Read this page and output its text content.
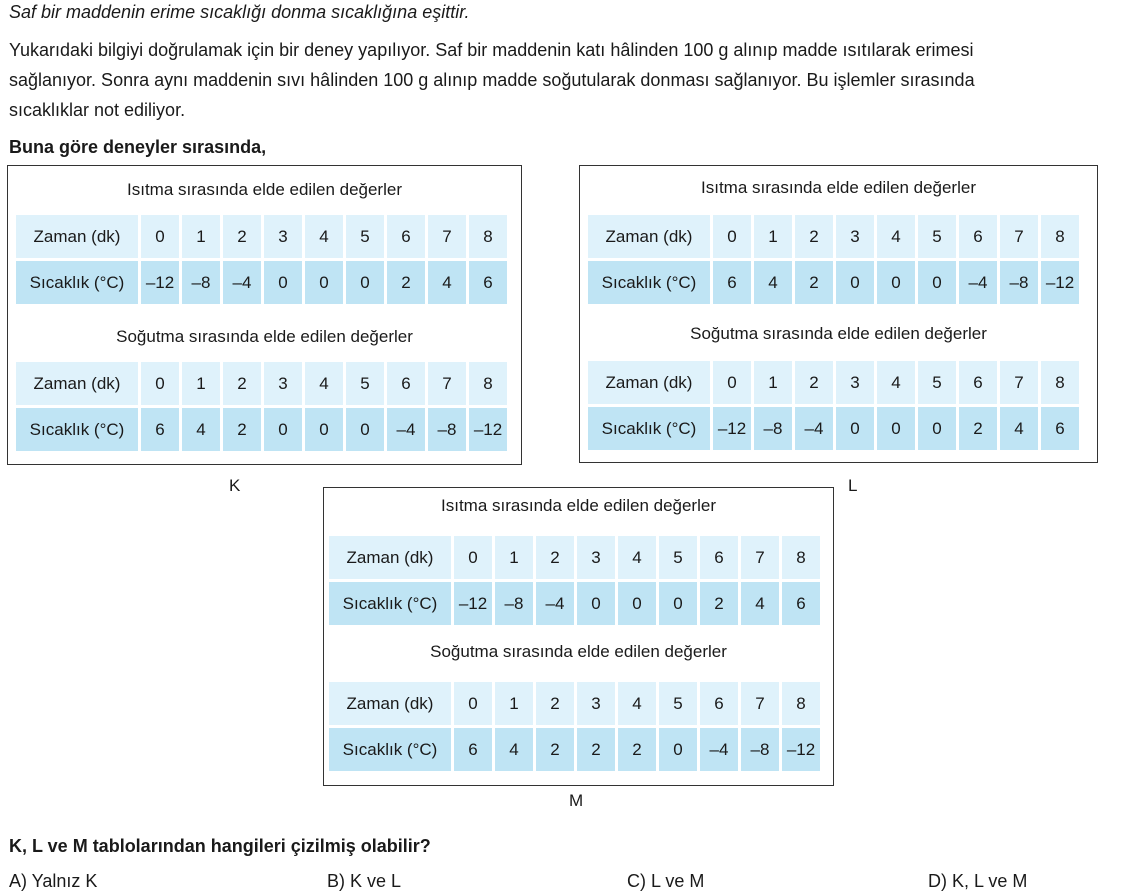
Saf bir maddenin erime sıcaklığı donma sıcaklığına eşittir.
Yukarıdaki bilgiyi doğrulamak için bir deney yapılıyor. Saf bir maddenin katı hâlinden 100 g alınıp madde ısıtılarak erimesi
sağlanıyor. Sonra aynı maddenin sıvı hâlinden 100 g alınıp madde soğutularak donması sağlanıyor. Bu işlemler sırasında
sıcaklıklar not ediliyor.
Buna göre deneyler sırasında,
Isıtma sırasında elde edilen değerler
Zaman (dk)	0	1	2	3	4	5	6	7	8
Sıcaklık (°C)	–12	–8	–4	0	0	0	2	4	6
Soğutma sırasında elde edilen değerler
Zaman (dk)	0	1	2	3	4	5	6	7	8
Sıcaklık (°C)	6	4	2	0	0	0	–4	–8	–12
K
Isıtma sırasında elde edilen değerler
Zaman (dk)	0	1	2	3	4	5	6	7	8
Sıcaklık (°C)	6	4	2	0	0	0	–4	–8	–12
Soğutma sırasında elde edilen değerler
Zaman (dk)	0	1	2	3	4	5	6	7	8
Sıcaklık (°C)	–12	–8	–4	0	0	0	2	4	6
L
Isıtma sırasında elde edilen değerler
Zaman (dk)	0	1	2	3	4	5	6	7	8
Sıcaklık (°C)	–12	–8	–4	0	0	0	2	4	6
Soğutma sırasında elde edilen değerler
Zaman (dk)	0	1	2	3	4	5	6	7	8
Sıcaklık (°C)	6	4	2	2	2	0	–4	–8	–12
M
K, L ve M tablolarından hangileri çizilmiş olabilir?
A) Yalnız K	B) K ve L	C) L ve M	D) K, L ve M
